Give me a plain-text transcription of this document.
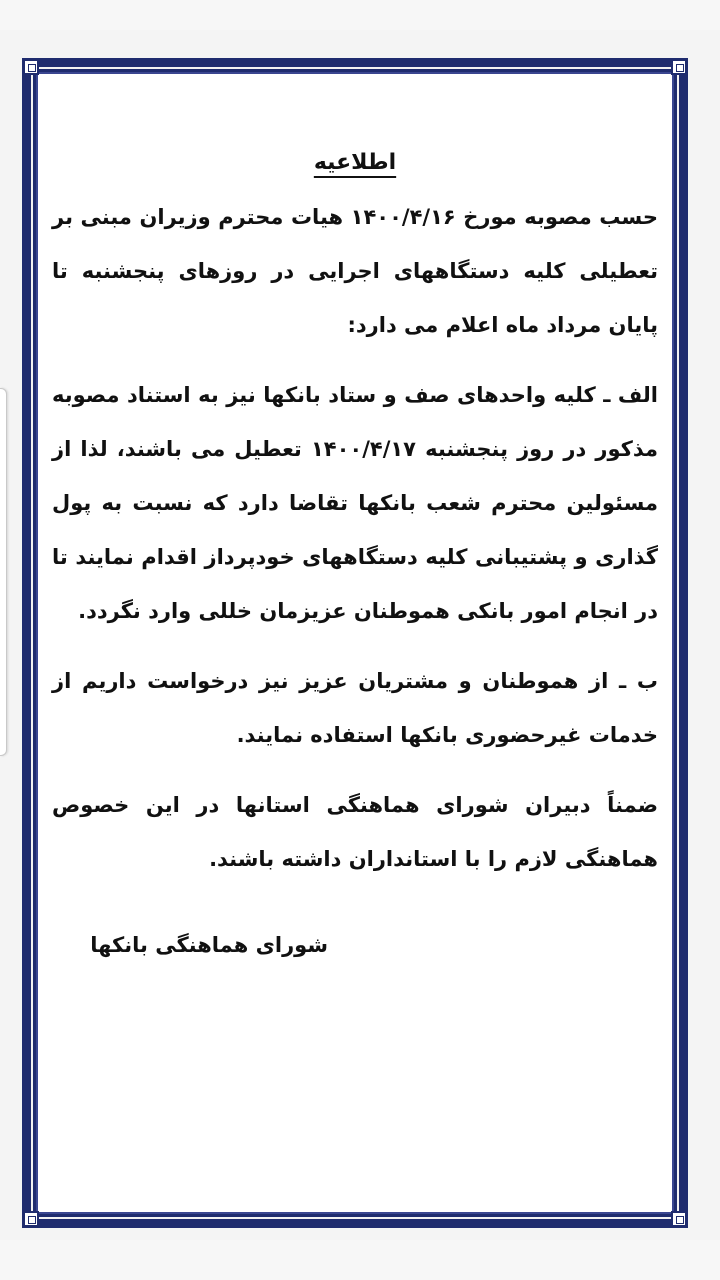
اطلاعیه

حسب مصوبه مورخ ۱۴۰۰/۴/۱۶ هیات محترم وزیران مبنی بر تعطیلی کلیه دستگاههای اجرایی در روزهای پنجشنبه تا پایان مرداد ماه اعلام می دارد:

الف ـ کلیه واحدهای صف و ستاد بانکها نیز به استناد مصوبه مذکور در روز پنجشنبه ۱۴۰۰/۴/۱۷ تعطیل می باشند، لذا از مسئولین محترم شعب بانکها تقاضا دارد که نسبت به پول گذاری و پشتیبانی کلیه دستگاههای خودپرداز اقدام نمایند تا در انجام امور بانکی هموطنان عزیزمان خللی وارد نگردد.

ب ـ از هموطنان و مشتریان عزیز نیز درخواست داریم از خدمات غیرحضوری بانکها استفاده نمایند.

ضمناً دبیران شورای هماهنگی استانها در این خصوص هماهنگی لازم را با استانداران داشته باشند.

شورای هماهنگی بانکها
